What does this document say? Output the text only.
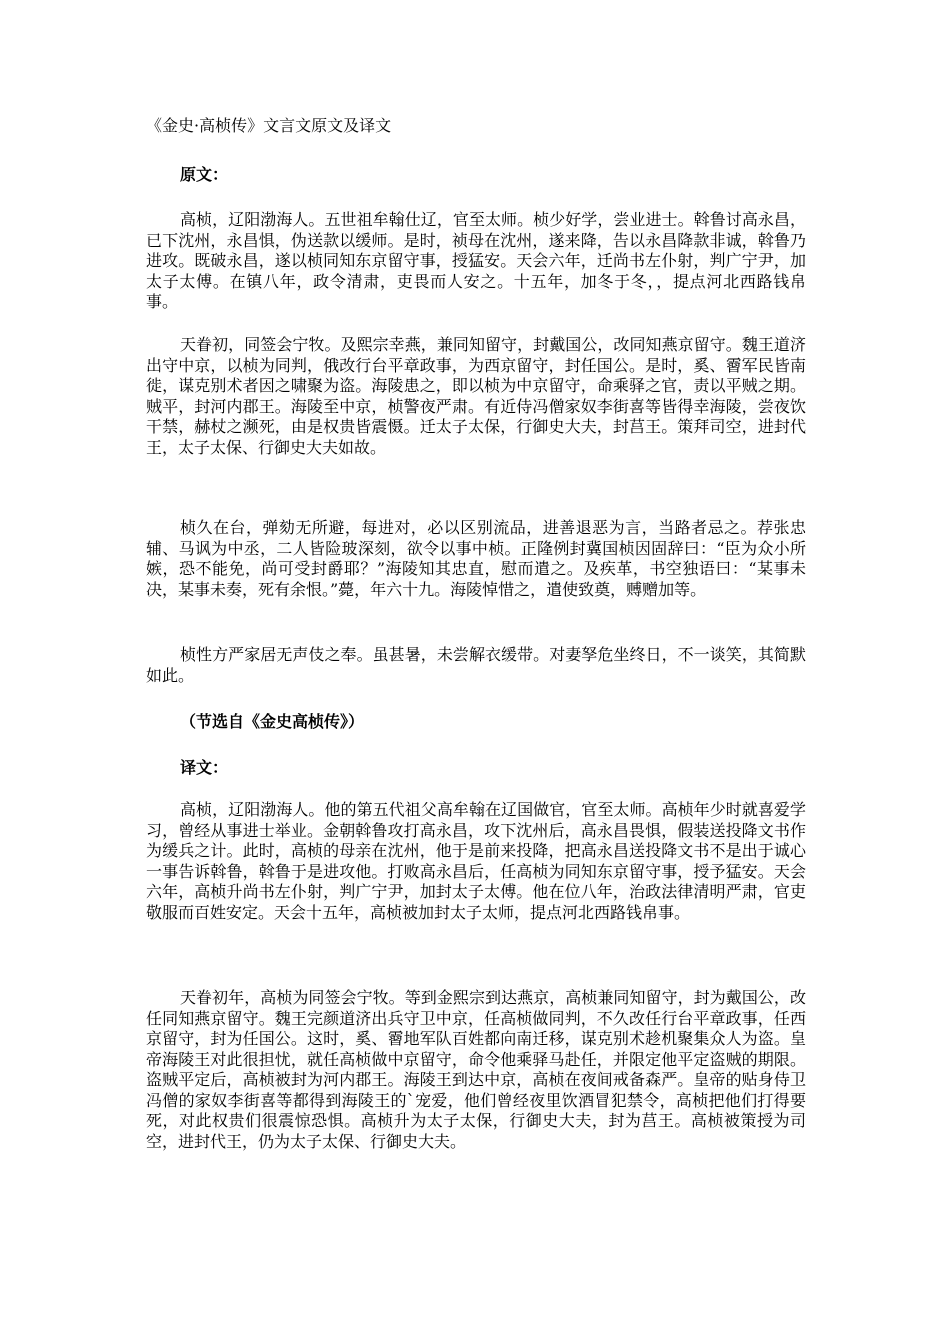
《金史·高桢传》文言文原文及译文
原文：

高桢，辽阳渤海人。五世祖牟翰仕辽，官至太师。桢少好学，尝业进士。斡鲁讨高永昌，已下沈州，永昌惧，伪送款以缓师。是时，祯母在沈州，遂来降，告以永昌降款非诚，斡鲁乃进攻。既破永昌，遂以桢同知东京留守事，授猛安。天会六年，迁尚书左仆射，判广宁尹，加太子太傅。在镇八年，政令清肃，吏畏而人安之。十五年，加冬于冬，，提点河北西路钱帛事。

天眷初，同签会宁牧。及熙宗幸燕，兼同知留守，封戴国公，改同知燕京留守。魏王道济出守中京，以桢为同判，俄改行台平章政事，为西京留守，封任国公。是时，奚、霫军民皆南徙，谋克别术者因之啸聚为盗。海陵患之，即以桢为中京留守，命乘驿之官，责以平贼之期。贼平，封河内郡王。海陵至中京，桢警夜严肃。有近侍冯僧家奴李街喜等皆得幸海陵，尝夜饮干禁，赫杖之濒死，由是权贵皆震慑。迁太子太保，行御史大夫，封莒王。策拜司空，进封代王，太子太保、行御史大夫如故。

桢久在台，弹劾无所避，每进对，必以区别流品，进善退恶为言，当路者忌之。荐张忠辅、马讽为中丞，二人皆险玻深刻，欲令以事中桢。正隆例封冀国桢因固辞曰：“臣为众小所嫉，恐不能免，尚可受封爵耶？”海陵知其忠直，慰而遣之。及疾革，书空独语曰：“某事未决，某事未奏，死有余恨。”薨，年六十九。海陵悼惜之，遣使致奠，赙赠加等。

桢性方严家居无声伎之奉。虽甚暑，未尝解衣缓带。对妻孥危坐终日，不一谈笑，其简默如此。

（节选自《金史高桢传》）
译文：

高桢，辽阳渤海人。他的第五代祖父高牟翰在辽国做官，官至太师。高桢年少时就喜爱学习，曾经从事进士举业。金朝斡鲁攻打高永昌，攻下沈州后，高永昌畏惧，假装送投降文书作为缓兵之计。此时，高桢的母亲在沈州，他于是前来投降，把高永昌送投降文书不是出于诚心一事告诉斡鲁，斡鲁于是进攻他。打败高永昌后，任高桢为同知东京留守事，授予猛安。天会六年，高桢升尚书左仆射，判广宁尹，加封太子太傅。他在位八年，治政法律清明严肃，官吏敬服而百姓安定。天会十五年，高桢被加封太子太师，提点河北西路钱帛事。

天眷初年，高桢为同签会宁牧。等到金熙宗到达燕京，高桢兼同知留守，封为戴国公，改任同知燕京留守。魏王完颜道济出兵守卫中京，任高桢做同判，不久改任行台平章政事，任西京留守，封为任国公。这时，奚、霫地军队百姓都向南迁移，谋克别术趁机聚集众人为盗。皇帝海陵王对此很担忧，就任高桢做中京留守，命令他乘驿马赴任，并限定他平定盗贼的期限。盗贼平定后，高桢被封为河内郡王。海陵王到达中京，高桢在夜间戒备森严。皇帝的贴身侍卫冯僧的家奴李街喜等都得到海陵王的`宠爱，他们曾经夜里饮酒冒犯禁令，高桢把他们打得要死，对此权贵们很震惊恐惧。高桢升为太子太保，行御史大夫，封为莒王。高桢被策授为司空，进封代王，仍为太子太保、行御史大夫。
